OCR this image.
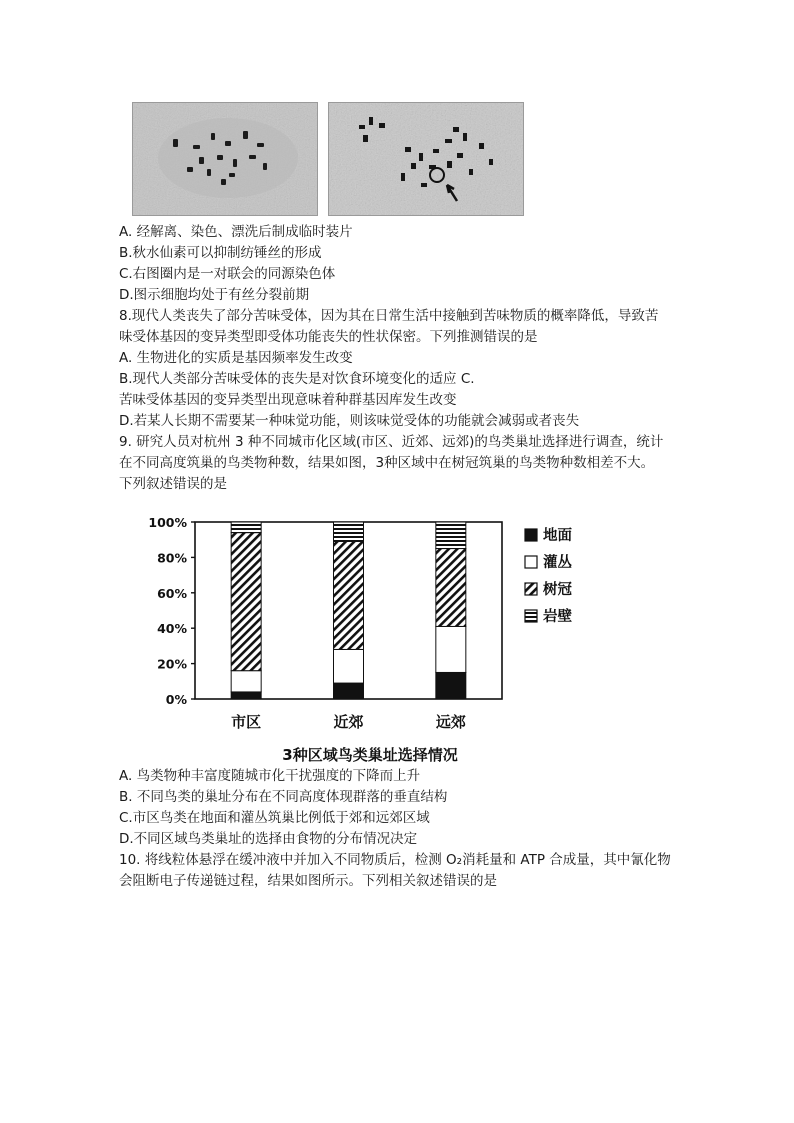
A. 经解离、染色、漂洗后制成临时装片
B.秋水仙素可以抑制纺锤丝的形成
C.右图圈内是一对联会的同源染色体
D.图示细胞均处于有丝分裂前期
8.现代人类丧失了部分苦味受体，因为其在日常生活中接触到苦味物质的概率降低，导致苦
味受体基因的变异类型即受体功能丧失的性状保密。下列推测错误的是
A. 生物进化的实质是基因频率发生改变
B.现代人类部分苦味受体的丧失是对饮食环境变化的适应 C.
苦味受体基因的变异类型出现意味着种群基因库发生改变
D.若某人长期不需要某一种味觉功能，则该味觉受体的功能就会减弱或者丧失
9. 研究人员对杭州 3 种不同城市化区域(市区、近郊、远郊)的鸟类巢址选择进行调查，统计
在不同高度筑巢的鸟类物种数，结果如图，3种区域中在树冠筑巢的鸟类物种数相差不大。
下列叙述错误的是
0%
20%
40%
60%
80%
100%
市区	近郊	远郊
地面
灌丛
树冠
岩壁
3种区域鸟类巢址选择情况
A. 鸟类物种丰富度随城市化干扰强度的下降而上升
B. 不同鸟类的巢址分布在不同高度体现群落的垂直结构
C.市区鸟类在地面和灌丛筑巢比例低于郊和远郊区域
D.不同区域鸟类巢址的选择由食物的分布情况决定
10. 将线粒体悬浮在缓冲液中并加入不同物质后，检测 O₂消耗量和 ATP 合成量，其中氰化物
会阻断电子传递链过程，结果如图所示。下列相关叙述错误的是
